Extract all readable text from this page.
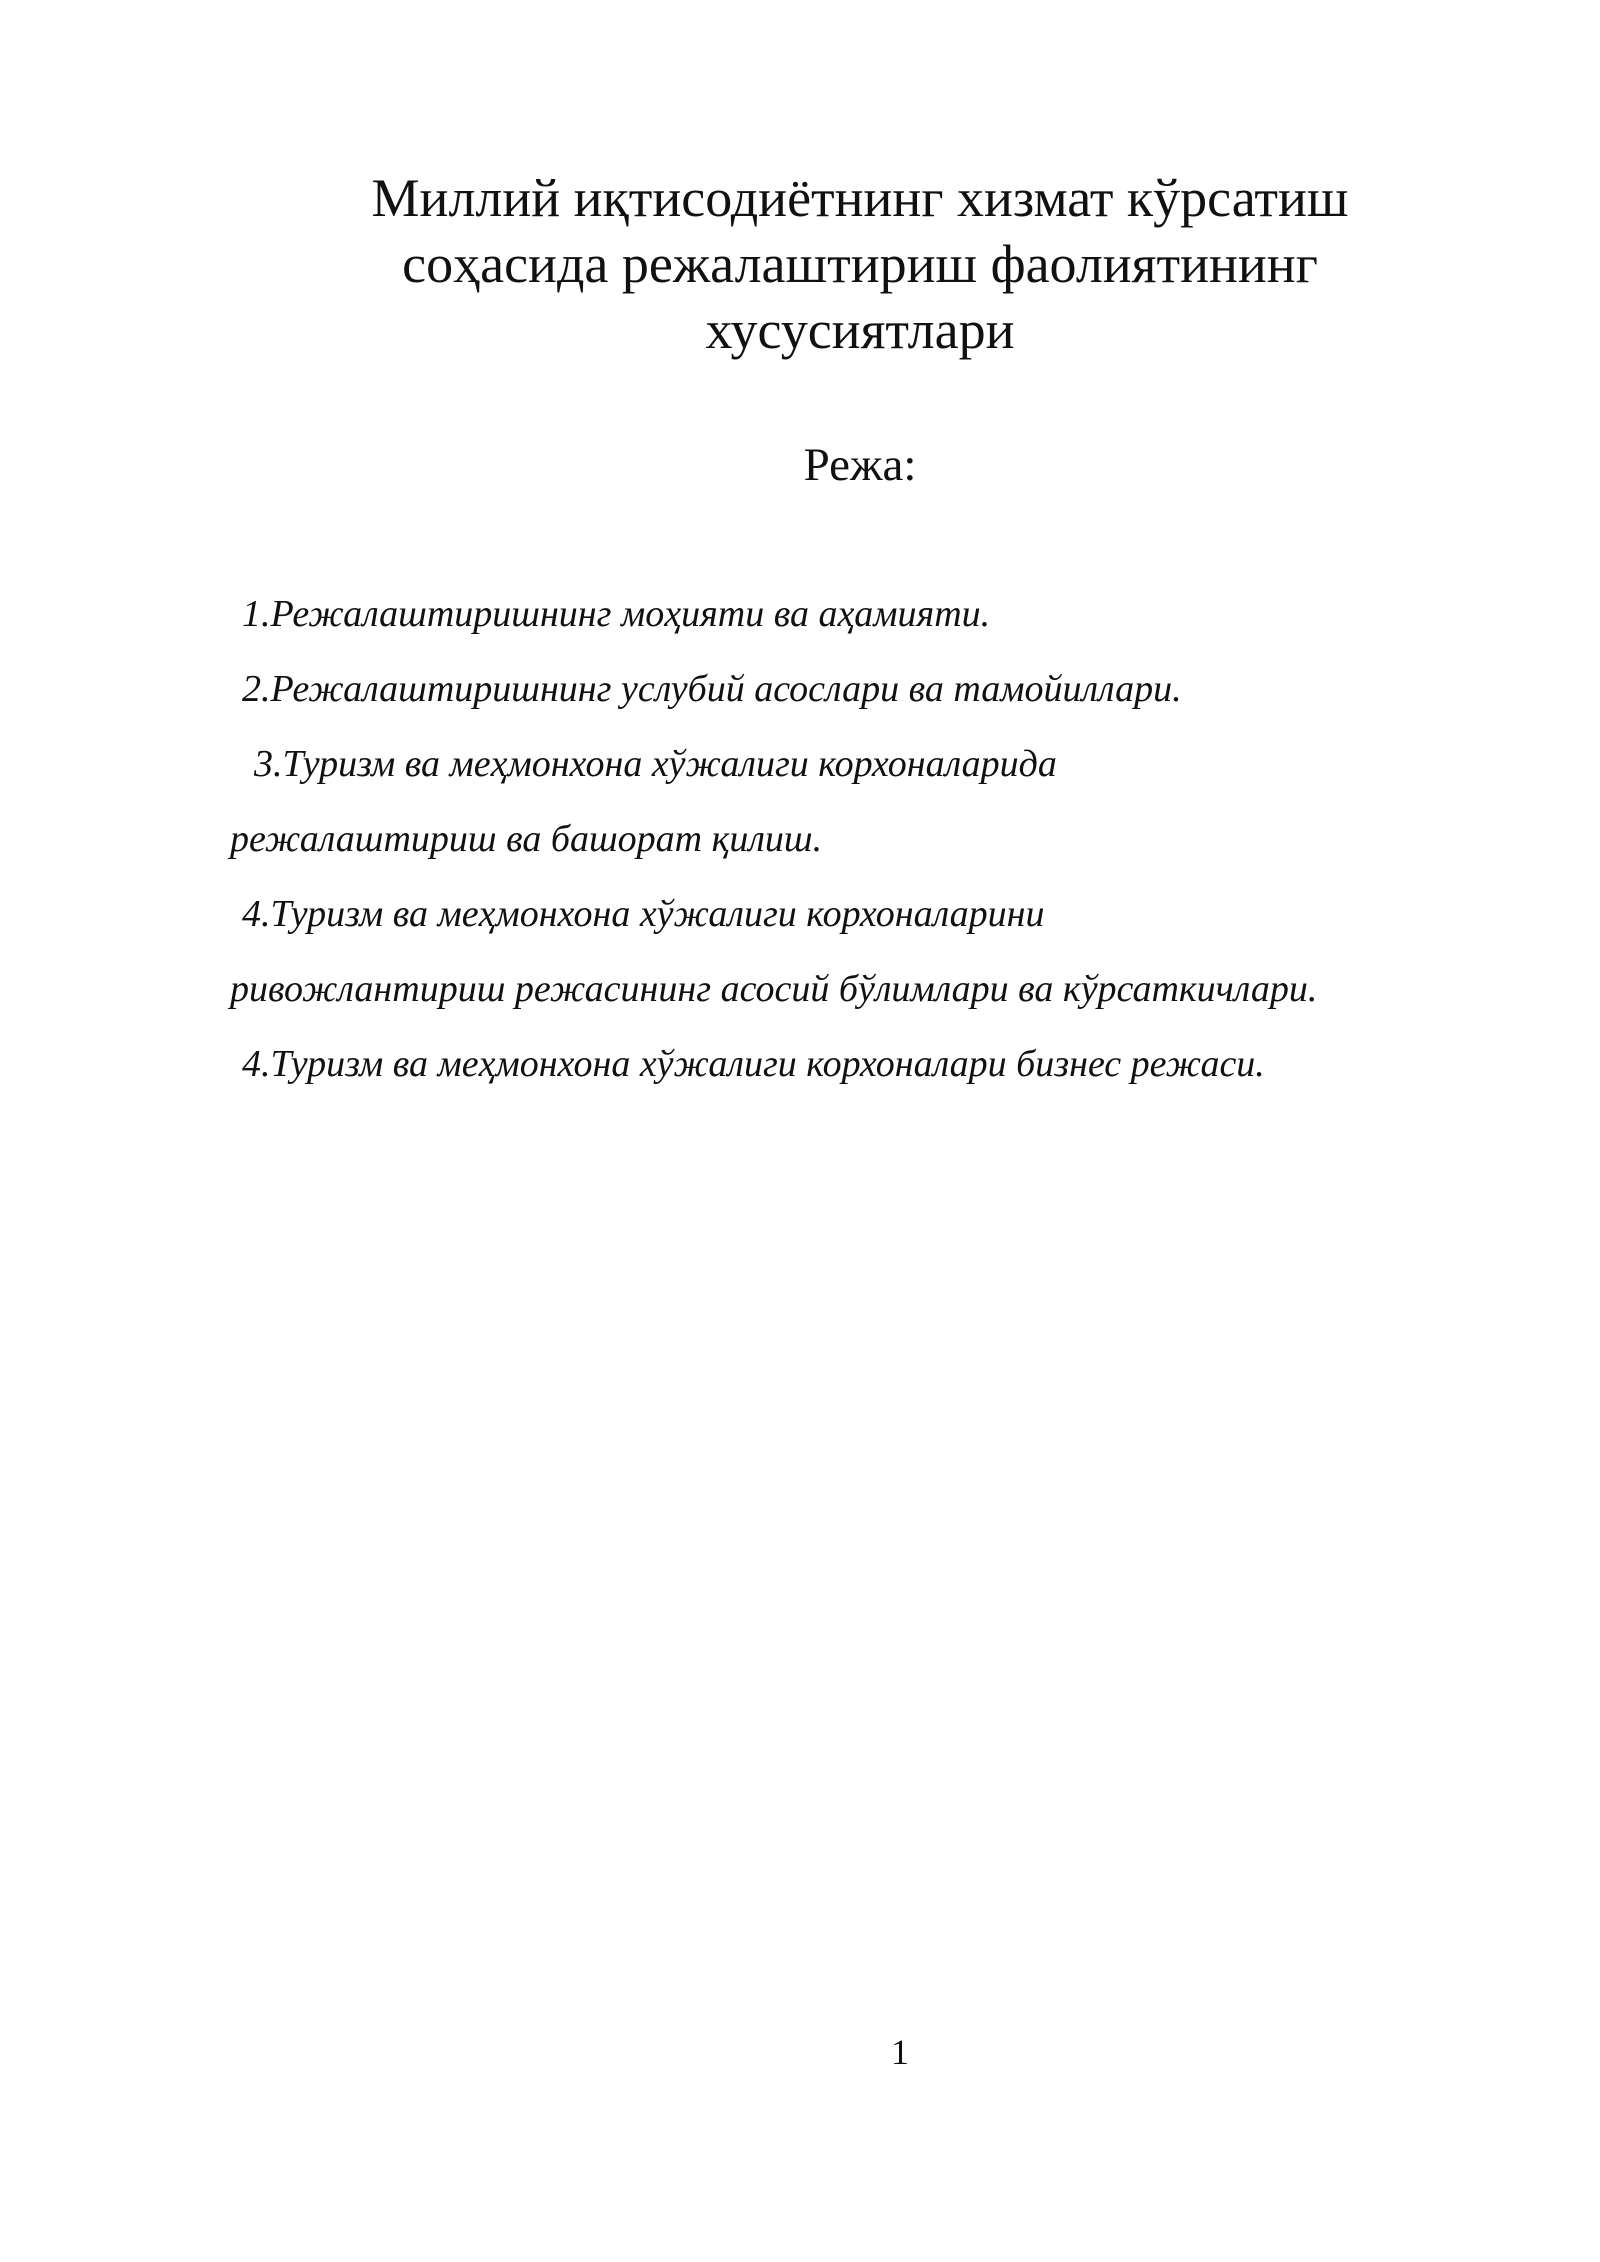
Миллий иқтисодиётнинг хизмат кўрсатиш
соҳасида режалаштириш фаолиятининг
хусусиятлари
Режа:
1.Режалаштиришнинг моҳияти ва аҳамияти.
2.Режалаштиришнинг услубий асослари ва тамойиллари.
3.Туризм ва меҳмонхона хўжалиги корхоналарида
режалаштириш ва башорат қилиш.
4.Туризм ва меҳмонхона хўжалиги корхоналарини
ривожлантириш режасининг асосий бўлимлари ва кўрсаткичлари.
4.Туризм ва меҳмонхона хўжалиги корхоналари бизнес режаси.
1
